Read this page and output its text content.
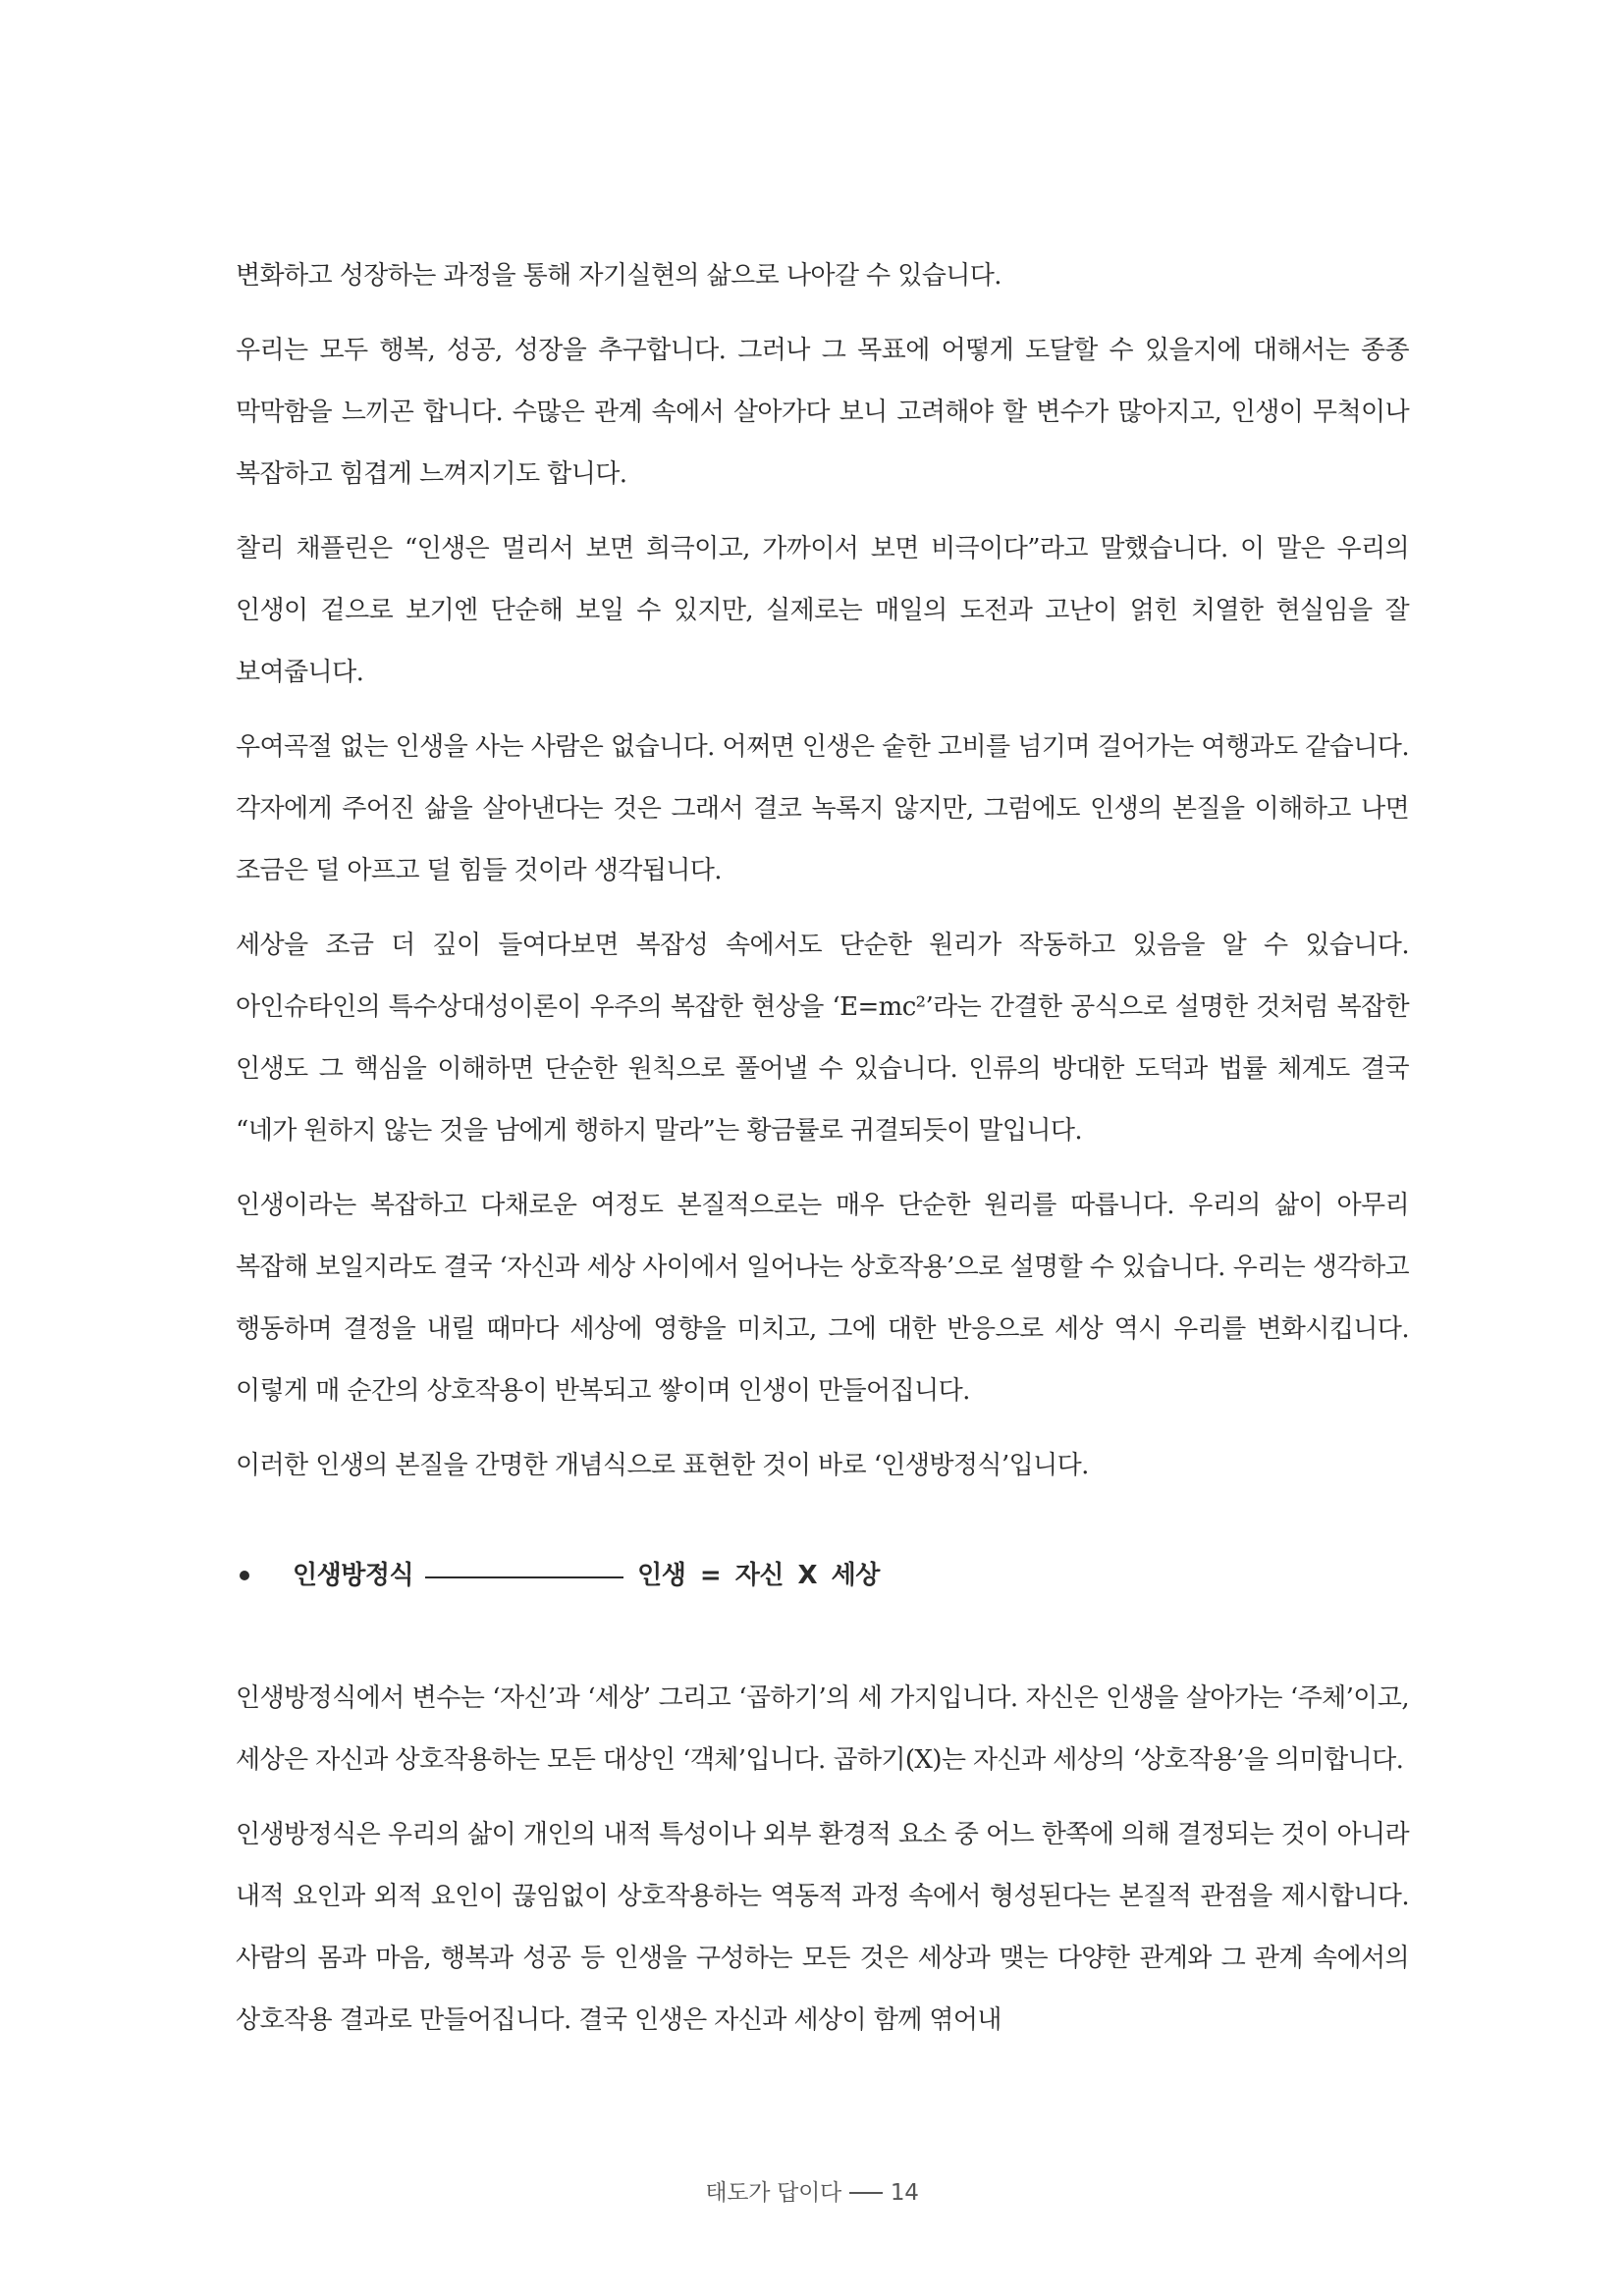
변화하고 성장하는 과정을 통해 자기실현의 삶으로 나아갈 수 있습니다.

우리는 모두 행복, 성공, 성장을 추구합니다. 그러나 그 목표에 어떻게 도달할 수 있을지에 대해서는 종종 막막함을 느끼곤 합니다. 수많은 관계 속에서 살아가다 보니 고려해야 할 변수가 많아지고, 인생이 무척이나 복잡하고 힘겹게 느껴지기도 합니다.

찰리 채플린은 “인생은 멀리서 보면 희극이고, 가까이서 보면 비극이다”라고 말했습니다. 이 말은 우리의 인생이 겉으로 보기엔 단순해 보일 수 있지만, 실제로는 매일의 도전과 고난이 얽힌 치열한 현실임을 잘 보여줍니다.

우여곡절 없는 인생을 사는 사람은 없습니다. 어쩌면 인생은 숱한 고비를 넘기며 걸어가는 여행과도 같습니다. 각자에게 주어진 삶을 살아낸다는 것은 그래서 결코 녹록지 않지만, 그럼에도 인생의 본질을 이해하고 나면 조금은 덜 아프고 덜 힘들 것이라 생각됩니다.

세상을 조금 더 깊이 들여다보면 복잡성 속에서도 단순한 원리가 작동하고 있음을 알 수 있습니다. 아인슈타인의 특수상대성이론이 우주의 복잡한 현상을 ‘E=mc²’라는 간결한 공식으로 설명한 것처럼 복잡한 인생도 그 핵심을 이해하면 단순한 원칙으로 풀어낼 수 있습니다. 인류의 방대한 도덕과 법률 체계도 결국 “네가 원하지 않는 것을 남에게 행하지 말라”는 황금률로 귀결되듯이 말입니다.

인생이라는 복잡하고 다채로운 여정도 본질적으로는 매우 단순한 원리를 따릅니다. 우리의 삶이 아무리 복잡해 보일지라도 결국 ‘자신과 세상 사이에서 일어나는 상호작용’으로 설명할 수 있습니다. 우리는 생각하고 행동하며 결정을 내릴 때마다 세상에 영향을 미치고, 그에 대한 반응으로 세상 역시 우리를 변화시킵니다. 이렇게 매 순간의 상호작용이 반복되고 쌓이며 인생이 만들어집니다.

이러한 인생의 본질을 간명한 개념식으로 표현한 것이 바로 ‘인생방정식’입니다.

인생방정식	인생 = 자신 X 세상

인생방정식에서 변수는 ‘자신’과 ‘세상’ 그리고 ‘곱하기’의 세 가지입니다. 자신은 인생을 살아가는 ‘주체’이고, 세상은 자신과 상호작용하는 모든 대상인 ‘객체’입니다. 곱하기(X)는 자신과 세상의 ‘상호작용’을 의미합니다.

인생방정식은 우리의 삶이 개인의 내적 특성이나 외부 환경적 요소 중 어느 한쪽에 의해 결정되는 것이 아니라 내적 요인과 외적 요인이 끊임없이 상호작용하는 역동적 과정 속에서 형성된다는 본질적 관점을 제시합니다. 사람의 몸과 마음, 행복과 성공 등 인생을 구성하는 모든 것은 세상과 맺는 다양한 관계와 그 관계 속에서의 상호작용 결과로 만들어집니다. 결국 인생은 자신과 세상이 함께 엮어내

태도가 답이다 14
